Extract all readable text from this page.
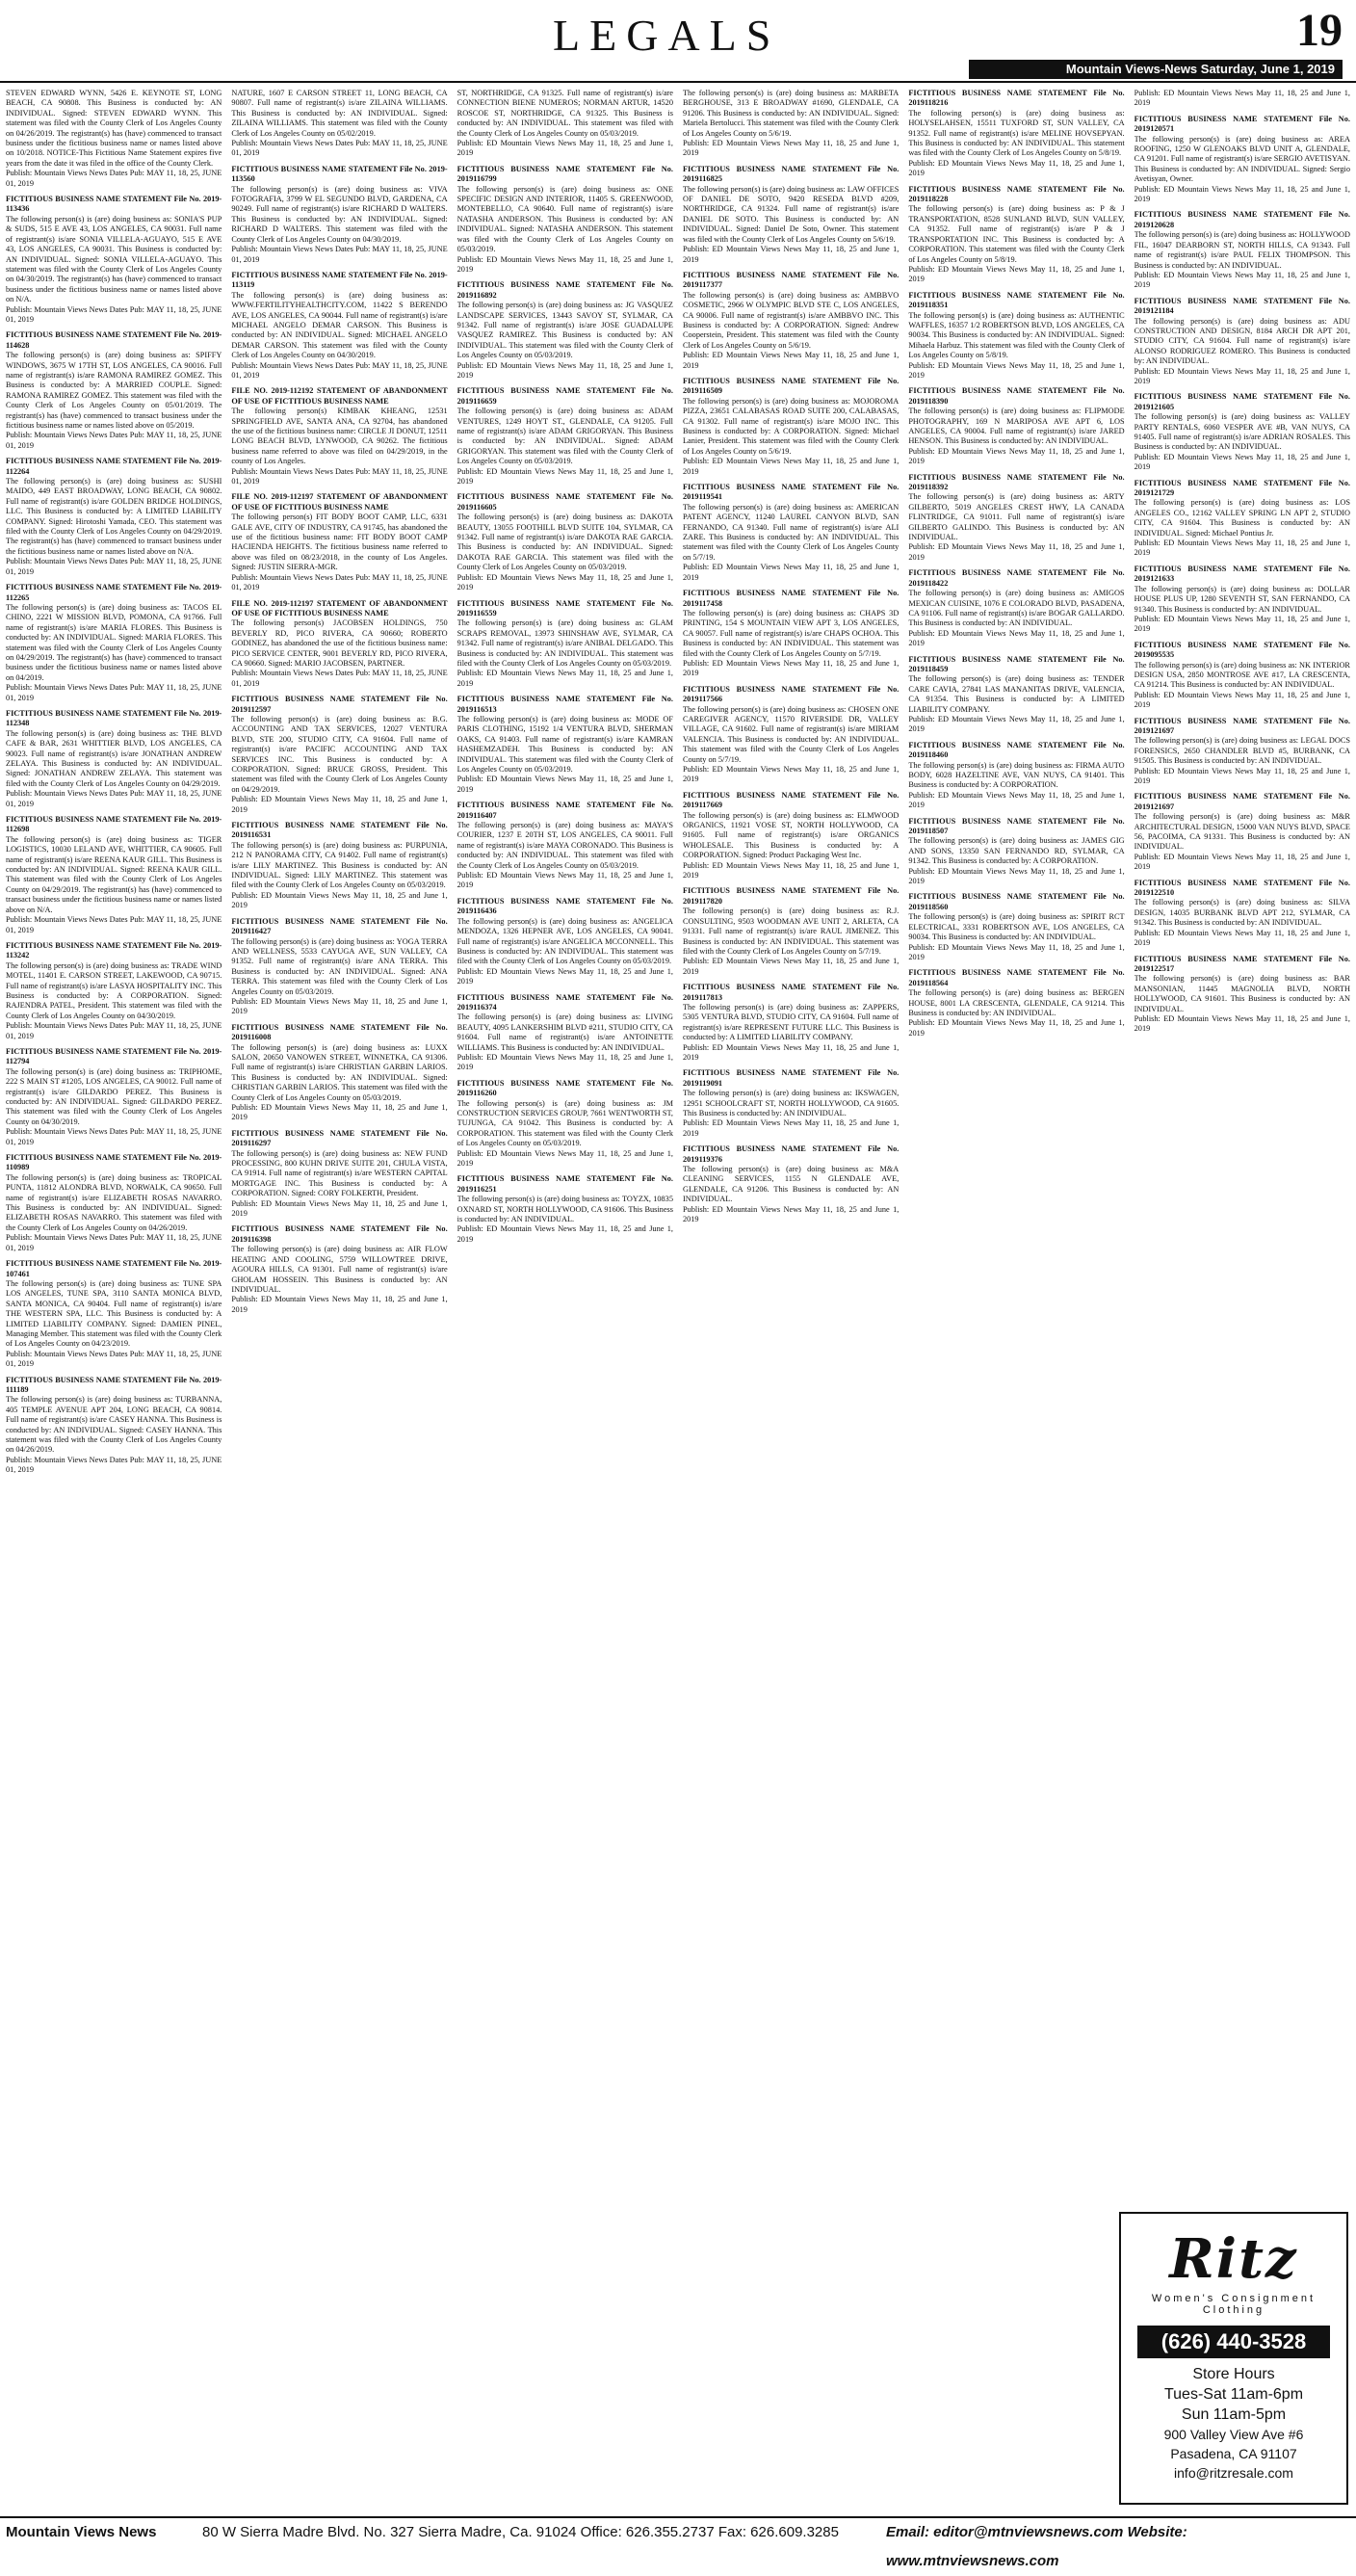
LEGALS	19
Mountain Views-News Saturday, June 1, 2019
STEVEN EDWARD WYNN, 5426 E. KEYNOTE ST, LONG BEACH, CA 90808. This Business is conducted by: AN INDIVIDUAL. Signed: STEVEN EDWARD WYNN. This statement was filed with the County Clerk of Los Angeles County on 04/26/2019. The registrant(s) has (have) commenced to transact business under the fictitious business name or names listed above on 10/2018. NOTICE-This Fictitious Name Statement expires five years from the date it was filed in the office of the County Clerk.
Publish: Mountain Views News Dates Pub: MAY 11, 18, 25, JUNE 01, 2019
FICTITIOUS BUSINESS NAME STATEMENT File No. 2019-113436
The following person(s) is (are) doing business as: SONIA'S PUP & SUDS, 515 E AVE 43, LOS ANGELES, CA 90031. Full name of registrant(s) is/are SONIA VILLELA-AGUAYO, 515 E AVE 43, LOS ANGELES, CA 90031. This Business is conducted by: AN INDIVIDUAL. Signed: SONIA VILLELA-AGUAYO. This statement was filed with the County Clerk of Los Angeles County on 04/30/2019. The registrant(s) has (have) commenced to transact business under the fictitious business name or names listed above on N/A.
Publish: Mountain Views News Dates Pub: MAY 11, 18, 25, JUNE 01, 2019
FICTITIOUS BUSINESS NAME STATEMENT File No. 2019-114628
The following person(s) is (are) doing business as: SPIFFY WINDOWS, 3675 W 17TH ST, LOS ANGELES, CA 90016. Full name of registrant(s) is/are RAMONA RAMIREZ GOMEZ. This Business is conducted by: A MARRIED COUPLE. Signed: RAMONA RAMIREZ GOMEZ. This statement was filed with the County Clerk of Los Angeles County on 05/01/2019. The registrant(s) has (have) commenced to transact business under the fictitious business name or names listed above on 05/2019.
Publish: Mountain Views News Dates Pub: MAY 11, 18, 25, JUNE 01, 2019
FICTITIOUS BUSINESS NAME STATEMENT File No. 2019-112264
The following person(s) is (are) doing business as: SUSHI MAIDO, 449 EAST BROADWAY, LONG BEACH, CA 90802. Full name of registrant(s) is/are GOLDEN BRIDGE HOLDINGS, LLC. This Business is conducted by: A LIMITED LIABILITY COMPANY. Signed: Hirotoshi Yamada, CEO. This statement was filed with the County Clerk of Los Angeles County on 04/29/2019. The registrant(s) has (have) commenced to transact business under the fictitious business name or names listed above on N/A.
Publish: Mountain Views News Dates Pub: MAY 11, 18, 25, JUNE 01, 2019
FICTITIOUS BUSINESS NAME STATEMENT File No. 2019-112265
The following person(s) is (are) doing business as: TACOS EL CHINO, 2221 W MISSION BLVD, POMONA, CA 91766. Full name of registrant(s) is/are MARIA FLORES. This Business is conducted by: AN INDIVIDUAL. Signed: MARIA FLORES. This statement was filed with the County Clerk of Los Angeles County on 04/29/2019. The registrant(s) has (have) commenced to transact business under the fictitious business name or names listed above on 04/2019.
Publish: Mountain Views News Dates Pub: MAY 11, 18, 25, JUNE 01, 2019
FICTITIOUS BUSINESS NAME STATEMENT File No. 2019-112348
The following person(s) is (are) doing business as: THE BLVD CAFE & BAR, 2631 WHITTIER BLVD, LOS ANGELES, CA 90023. Full name of registrant(s) is/are JONATHAN ANDREW ZELAYA. This Business is conducted by: AN INDIVIDUAL. Signed: JONATHAN ANDREW ZELAYA. This statement was filed with the County Clerk of Los Angeles County on 04/29/2019.
Publish: Mountain Views News Dates Pub: MAY 11, 18, 25, JUNE 01, 2019
FICTITIOUS BUSINESS NAME STATEMENT File No. 2019-112698
The following person(s) is (are) doing business as: TIGER LOGISTICS, 10030 LELAND AVE, WHITTIER, CA 90605. Full name of registrant(s) is/are REENA KAUR GILL. This Business is conducted by: AN INDIVIDUAL. Signed: REENA KAUR GILL. This statement was filed with the County Clerk of Los Angeles County on 04/29/2019. The registrant(s) has (have) commenced to transact business under the fictitious business name or names listed above on N/A.
Publish: Mountain Views News Dates Pub: MAY 11, 18, 25, JUNE 01, 2019
FICTITIOUS BUSINESS NAME STATEMENT File No. 2019-113242
The following person(s) is (are) doing business as: TRADE WIND MOTEL, 11401 E. CARSON STREET, LAKEWOOD, CA 90715. Full name of registrant(s) is/are LASYA HOSPITALITY INC. This Business is conducted by: A CORPORATION. Signed: RAJENDRA PATEL, President. This statement was filed with the County Clerk of Los Angeles County on 04/30/2019.
Publish: Mountain Views News Dates Pub: MAY 11, 18, 25, JUNE 01, 2019
FICTITIOUS BUSINESS NAME STATEMENT File No. 2019-112794
The following person(s) is (are) doing business as: TRIPHOME, 222 S MAIN ST #1205, LOS ANGELES, CA 90012. Full name of registrant(s) is/are GILDARDO PEREZ. This Business is conducted by: AN INDIVIDUAL. Signed: GILDARDO PEREZ. This statement was filed with the County Clerk of Los Angeles County on 04/30/2019.
Publish: Mountain Views News Dates Pub: MAY 11, 18, 25, JUNE 01, 2019
FICTITIOUS BUSINESS NAME STATEMENT File No. 2019-110989
The following person(s) is (are) doing business as: TROPICAL PUNTA, 11812 ALONDRA BLVD, NORWALK, CA 90650. Full name of registrant(s) is/are ELIZABETH ROSAS NAVARRO. This Business is conducted by: AN INDIVIDUAL. Signed: ELIZABETH ROSAS NAVARRO. This statement was filed with the County Clerk of Los Angeles County on 04/26/2019.
Publish: Mountain Views News Dates Pub: MAY 11, 18, 25, JUNE 01, 2019
FICTITIOUS BUSINESS NAME STATEMENT File No. 2019-107461
The following person(s) is (are) doing business as: TUNE SPA LOS ANGELES, TUNE SPA, 3110 SANTA MONICA BLVD, SANTA MONICA, CA 90404. Full name of registrant(s) is/are THE WESTERN SPA, LLC. This Business is conducted by: A LIMITED LIABILITY COMPANY. Signed: DAMIEN PINEL, Managing Member. This statement was filed with the County Clerk of Los Angeles County on 04/23/2019.
Publish: Mountain Views News Dates Pub: MAY 11, 18, 25, JUNE 01, 2019
FICTITIOUS BUSINESS NAME STATEMENT File No. 2019-111189
The following person(s) is (are) doing business as: TURBANNA, 405 TEMPLE AVENUE APT 204, LONG BEACH, CA 90814. Full name of registrant(s) is/are CASEY HANNA. This Business is conducted by: AN INDIVIDUAL. Signed: CASEY HANNA. This statement was filed with the County Clerk of Los Angeles County on 04/26/2019.
Publish: Mountain Views News Dates Pub: MAY 11, 18, 25, JUNE 01, 2019
NATURE, 1607 E CARSON STREET 11, LONG BEACH, CA 90807. Full name of registrant(s) is/are ZILAINA WILLIAMS. This Business is conducted by: AN INDIVIDUAL. Signed: ZILAINA WILLIAMS. This statement was filed with the County Clerk of Los Angeles County on 05/02/2019.
Publish: Mountain Views News Dates Pub: MAY 11, 18, 25, JUNE 01, 2019
FICTITIOUS BUSINESS NAME STATEMENT File No. 2019-113560
The following person(s) is (are) doing business as: VIVA FOTOGRAFIA, 3799 W EL SEGUNDO BLVD, GARDENA, CA 90249. Full name of registrant(s) is/are RICHARD D WALTERS. This Business is conducted by: AN INDIVIDUAL. Signed: RICHARD D WALTERS. This statement was filed with the County Clerk of Los Angeles County on 04/30/2019.
Publish: Mountain Views News Dates Pub: MAY 11, 18, 25, JUNE 01, 2019
FICTITIOUS BUSINESS NAME STATEMENT File No. 2019-113119
The following person(s) is (are) doing business as: WWW.FERTILITYHEALTHCITY.COM, 11422 S BERENDO AVE, LOS ANGELES, CA 90044. Full name of registrant(s) is/are MICHAEL ANGELO DEMAR CARSON. This Business is conducted by: AN INDIVIDUAL. Signed: MICHAEL ANGELO DEMAR CARSON. This statement was filed with the County Clerk of Los Angeles County on 04/30/2019.
Publish: Mountain Views News Dates Pub: MAY 11, 18, 25, JUNE 01, 2019
FILE NO. 2019-112192 STATEMENT OF ABANDONMENT OF USE OF FICTITIOUS BUSINESS NAME
The following person(s) KIMBAK KHEANG, 12531 SPRINGFIELD AVE, SANTA ANA, CA 92704, has abandoned the use of the fictitious business name: CIRCLE JI DONUT, 12511 LONG BEACH BLVD, LYNWOOD, CA 90262. The fictitious business name referred to above was filed on 04/29/2019, in the county of Los Angeles.
Publish: Mountain Views News Dates Pub: MAY 11, 18, 25, JUNE 01, 2019
FILE NO. 2019-112197 STATEMENT OF ABANDONMENT OF USE OF FICTITIOUS BUSINESS NAME
The following person(s) FIT BODY BOOT CAMP, LLC, 6331 GALE AVE, CITY OF INDUSTRY, CA 91745, has abandoned the use of the fictitious business name: FIT BODY BOOT CAMP HACIENDA HEIGHTS. The fictitious business name referred to above was filed on 08/23/2018, in the county of Los Angeles. Signed: JUSTIN SIERRA-MGR.
Publish: Mountain Views News Dates Pub: MAY 11, 18, 25, JUNE 01, 2019
FILE NO. 2019-112197 STATEMENT OF ABANDONMENT OF USE OF FICTITIOUS BUSINESS NAME
The following person(s) JACOBSEN HOLDINGS, 750 BEVERLY RD, PICO RIVERA, CA 90660; ROBERTO GODINEZ, has abandoned the use of the fictitious business name: PICO SERVICE CENTER, 9001 BEVERLY RD, PICO RIVERA, CA 90660. Signed: MARIO JACOBSEN, PARTNER.
Publish: Mountain Views News Dates Pub: MAY 11, 18, 25, JUNE 01, 2019
FICTITIOUS BUSINESS NAME STATEMENT File No. 2019112597
The following person(s) is (are) doing business as: B.G. ACCOUNTING AND TAX SERVICES, 12027 VENTURA BLVD, STE 200, STUDIO CITY, CA 91604. Full name of registrant(s) is/are PACIFIC ACCOUNTING AND TAX SERVICES INC. This Business is conducted by: A CORPORATION. Signed: BRUCE GROSS, President. This statement was filed with the County Clerk of Los Angeles County on 04/29/2019.
Publish: ED Mountain Views News May 11, 18, 25 and June 1, 2019
FICTITIOUS BUSINESS NAME STATEMENT File No. 2019116531
The following person(s) is (are) doing business as: PURPUNIA, 212 N PANORAMA CITY, CA 91402. Full name of registrant(s) is/are LILY MARTINEZ. This Business is conducted by: AN INDIVIDUAL. Signed: LILY MARTINEZ. This statement was filed with the County Clerk of Los Angeles County on 05/03/2019.
Publish: ED Mountain Views News May 11, 18, 25 and June 1, 2019
FICTITIOUS BUSINESS NAME STATEMENT File No. 2019116427
The following person(s) is (are) doing business as: YOGA TERRA AND WELLNESS, 5533 CAYUGA AVE, SUN VALLEY, CA 91352. Full name of registrant(s) is/are ANA TERRA. This Business is conducted by: AN INDIVIDUAL. Signed: ANA TERRA. This statement was filed with the County Clerk of Los Angeles County on 05/03/2019.
Publish: ED Mountain Views News May 11, 18, 25 and June 1, 2019
FICTITIOUS BUSINESS NAME STATEMENT File No. 2019116008
The following person(s) is (are) doing business as: LUXX SALON, 20650 VANOWEN STREET, WINNETKA, CA 91306. Full name of registrant(s) is/are CHRISTIAN GARBIN LARIOS. This Business is conducted by: AN INDIVIDUAL. Signed: CHRISTIAN GARBIN LARIOS. This statement was filed with the County Clerk of Los Angeles County on 05/03/2019.
Publish: ED Mountain Views News May 11, 18, 25 and June 1, 2019
FICTITIOUS BUSINESS NAME STATEMENT File No. 2019116297
The following person(s) is (are) doing business as: NEW FUND PROCESSING, 800 KUHN DRIVE SUITE 201, CHULA VISTA, CA 91914. Full name of registrant(s) is/are WESTERN CAPITAL MORTGAGE INC. This Business is conducted by: A CORPORATION. Signed: CORY FOLKERTH, President.
Publish: ED Mountain Views News May 11, 18, 25 and June 1, 2019
FICTITIOUS BUSINESS NAME STATEMENT File No. 2019116398
The following person(s) is (are) doing business as: AIR FLOW HEATING AND COOLING, 5759 WILLOWTREE DRIVE, AGOURA HILLS, CA 91301. Full name of registrant(s) is/are GHOLAM HOSSEIN. This Business is conducted by: AN INDIVIDUAL.
Publish: ED Mountain Views News May 11, 18, 25 and June 1, 2019
ST, NORTHRIDGE, CA 91325. Full name of registrant(s) is/are CONNECTION BIENE NUMEROS; NORMAN ARTUR, 14520 ROSCOE ST, NORTHRIDGE, CA 91325. This Business is conducted by: AN INDIVIDUAL. This statement was filed with the County Clerk of Los Angeles County on 05/03/2019.
Publish: ED Mountain Views News May 11, 18, 25 and June 1, 2019
FICTITIOUS BUSINESS NAME STATEMENT File No. 2019116799
The following person(s) is (are) doing business as: ONE SPECIFIC DESIGN AND INTERIOR, 11405 S. GREENWOOD, MONTEBELLO, CA 90640. Full name of registrant(s) is/are NATASHA ANDERSON. This Business is conducted by: AN INDIVIDUAL. Signed: NATASHA ANDERSON. This statement was filed with the County Clerk of Los Angeles County on 05/03/2019.
Publish: ED Mountain Views News May 11, 18, 25 and June 1, 2019
FICTITIOUS BUSINESS NAME STATEMENT File No. 2019116892
The following person(s) is (are) doing business as: JG VASQUEZ LANDSCAPE SERVICES, 13443 SAVOY ST, SYLMAR, CA 91342. Full name of registrant(s) is/are JOSE GUADALUPE VASQUEZ RAMIREZ. This Business is conducted by: AN INDIVIDUAL. This statement was filed with the County Clerk of Los Angeles County on 05/03/2019.
Publish: ED Mountain Views News May 11, 18, 25 and June 1, 2019
FICTITIOUS BUSINESS NAME STATEMENT File No. 2019116659
The following person(s) is (are) doing business as: ADAM VENTURES, 1249 HOYT ST., GLENDALE, CA 91205. Full name of registrant(s) is/are ADAM GRIGORYAN. This Business is conducted by: AN INDIVIDUAL. Signed: ADAM GRIGORYAN. This statement was filed with the County Clerk of Los Angeles County on 05/03/2019.
Publish: ED Mountain Views News May 11, 18, 25 and June 1, 2019
FICTITIOUS BUSINESS NAME STATEMENT File No. 2019116605
The following person(s) is (are) doing business as: DAKOTA BEAUTY, 13055 FOOTHILL BLVD SUITE 104, SYLMAR, CA 91342. Full name of registrant(s) is/are DAKOTA RAE GARCIA. This Business is conducted by: AN INDIVIDUAL. Signed: DAKOTA RAE GARCIA. This statement was filed with the County Clerk of Los Angeles County on 05/03/2019.
Publish: ED Mountain Views News May 11, 18, 25 and June 1, 2019
FICTITIOUS BUSINESS NAME STATEMENT File No. 2019116559
The following person(s) is (are) doing business as: GLAM SCRAPS REMOVAL, 13973 SHINSHAW AVE, SYLMAR, CA 91342. Full name of registrant(s) is/are ANIBAL DELGADO. This Business is conducted by: AN INDIVIDUAL. This statement was filed with the County Clerk of Los Angeles County on 05/03/2019.
Publish: ED Mountain Views News May 11, 18, 25 and June 1, 2019
FICTITIOUS BUSINESS NAME STATEMENT File No. 2019116513
The following person(s) is (are) doing business as: MODE OF PARIS CLOTHING, 15192 1/4 VENTURA BLVD, SHERMAN OAKS, CA 91403. Full name of registrant(s) is/are KAMRAN HASHEMZADEH. This Business is conducted by: AN INDIVIDUAL. This statement was filed with the County Clerk of Los Angeles County on 05/03/2019.
Publish: ED Mountain Views News May 11, 18, 25 and June 1, 2019
FICTITIOUS BUSINESS NAME STATEMENT File No. 2019116407
The following person(s) is (are) doing business as: MAYA'S COURIER, 1237 E 20TH ST, LOS ANGELES, CA 90011. Full name of registrant(s) is/are MAYA CORONADO. This Business is conducted by: AN INDIVIDUAL. This statement was filed with the County Clerk of Los Angeles County on 05/03/2019.
Publish: ED Mountain Views News May 11, 18, 25 and June 1, 2019
FICTITIOUS BUSINESS NAME STATEMENT File No. 2019116436
The following person(s) is (are) doing business as: ANGELICA MENDOZA, 1326 HEPNER AVE, LOS ANGELES, CA 90041. Full name of registrant(s) is/are ANGELICA MCCONNELL. This Business is conducted by: AN INDIVIDUAL. This statement was filed with the County Clerk of Los Angeles County on 05/03/2019.
Publish: ED Mountain Views News May 11, 18, 25 and June 1, 2019
FICTITIOUS BUSINESS NAME STATEMENT File No. 2019116374
The following person(s) is (are) doing business as: LIVING BEAUTY, 4095 LANKERSHIM BLVD #211, STUDIO CITY, CA 91604. Full name of registrant(s) is/are ANTOINETTE WILLIAMS. This Business is conducted by: AN INDIVIDUAL.
Publish: ED Mountain Views News May 11, 18, 25 and June 1, 2019
FICTITIOUS BUSINESS NAME STATEMENT File No. 2019116260
The following person(s) is (are) doing business as: JM CONSTRUCTION SERVICES GROUP, 7661 WENTWORTH ST, TUJUNGA, CA 91042. This Business is conducted by: A CORPORATION. This statement was filed with the County Clerk of Los Angeles County on 05/03/2019.
Publish: ED Mountain Views News May 11, 18, 25 and June 1, 2019
FICTITIOUS BUSINESS NAME STATEMENT File No. 2019116251
The following person(s) is (are) doing business as: TOYZX, 10835 OXNARD ST, NORTH HOLLYWOOD, CA 91606. This Business is conducted by: AN INDIVIDUAL.
Publish: ED Mountain Views News May 11, 18, 25 and June 1, 2019
The following person(s) is (are) doing business as: MARBETA BERGHOUSE, 313 E BROADWAY #1690, GLENDALE, CA 91206. This Business is conducted by: AN INDIVIDUAL. Signed: Mariela Bertolucci. This statement was filed with the County Clerk of Los Angeles County on 5/6/19.
Publish: ED Mountain Views News May 11, 18, 25 and June 1, 2019
FICTITIOUS BUSINESS NAME STATEMENT File No. 2019116825
The following person(s) is (are) doing business as: LAW OFFICES OF DANIEL DE SOTO, 9420 RESEDA BLVD #209, NORTHRIDGE, CA 91324. Full name of registrant(s) is/are DANIEL DE SOTO. This Business is conducted by: AN INDIVIDUAL. Signed: Daniel De Soto, Owner. This statement was filed with the County Clerk of Los Angeles County on 5/6/19.
Publish: ED Mountain Views News May 11, 18, 25 and June 1, 2019
FICTITIOUS BUSINESS NAME STATEMENT File No. 2019117377
The following person(s) is (are) doing business as: AMBBVO COSMETIC, 2966 W OLYMPIC BLVD STE C, LOS ANGELES, CA 90006. Full name of registrant(s) is/are AMBBVO INC. This Business is conducted by: A CORPORATION. Signed: Andrew Cooperstein, President. This statement was filed with the County Clerk of Los Angeles County on 5/6/19.
Publish: ED Mountain Views News May 11, 18, 25 and June 1, 2019
FICTITIOUS BUSINESS NAME STATEMENT File No. 2019116509
The following person(s) is (are) doing business as: MOJOROMA PIZZA, 23651 CALABASAS ROAD SUITE 200, CALABASAS, CA 91302. Full name of registrant(s) is/are MOJO INC. This Business is conducted by: A CORPORATION. Signed: Michael Lanier, President. This statement was filed with the County Clerk of Los Angeles County on 5/6/19.
Publish: ED Mountain Views News May 11, 18, 25 and June 1, 2019
FICTITIOUS BUSINESS NAME STATEMENT File No. 2019119541
The following person(s) is (are) doing business as: AMERICAN PATENT AGENCY, 11240 LAUREL CANYON BLVD, SAN FERNANDO, CA 91340. Full name of registrant(s) is/are ALI ZARE. This Business is conducted by: AN INDIVIDUAL. This statement was filed with the County Clerk of Los Angeles County on 5/7/19.
Publish: ED Mountain Views News May 11, 18, 25 and June 1, 2019
FICTITIOUS BUSINESS NAME STATEMENT File No. 2019117458
The following person(s) is (are) doing business as: CHAPS 3D PRINTING, 154 S MOUNTAIN VIEW APT 3, LOS ANGELES, CA 90057. Full name of registrant(s) is/are CHAPS OCHOA. This Business is conducted by: AN INDIVIDUAL. This statement was filed with the County Clerk of Los Angeles County on 5/7/19.
Publish: ED Mountain Views News May 11, 18, 25 and June 1, 2019
FICTITIOUS BUSINESS NAME STATEMENT File No. 2019117566
The following person(s) is (are) doing business as: CHOSEN ONE CAREGIVER AGENCY, 11570 RIVERSIDE DR, VALLEY VILLAGE, CA 91602. Full name of registrant(s) is/are MIRIAM VALENCIA. This Business is conducted by: AN INDIVIDUAL. This statement was filed with the County Clerk of Los Angeles County on 5/7/19.
Publish: ED Mountain Views News May 11, 18, 25 and June 1, 2019
FICTITIOUS BUSINESS NAME STATEMENT File No. 2019117669
The following person(s) is (are) doing business as: ELMWOOD ORGANICS, 11921 VOSE ST, NORTH HOLLYWOOD, CA 91605. Full name of registrant(s) is/are ORGANICS WHOLESALE. This Business is conducted by: A CORPORATION. Signed: Product Packaging West Inc.
Publish: ED Mountain Views News May 11, 18, 25 and June 1, 2019
FICTITIOUS BUSINESS NAME STATEMENT File No. 2019117820
The following person(s) is (are) doing business as: R.J. CONSULTING, 9503 WOODMAN AVE UNIT 2, ARLETA, CA 91331. Full name of registrant(s) is/are RAUL JIMENEZ. This Business is conducted by: AN INDIVIDUAL. This statement was filed with the County Clerk of Los Angeles County on 5/7/19.
Publish: ED Mountain Views News May 11, 18, 25 and June 1, 2019
FICTITIOUS BUSINESS NAME STATEMENT File No. 2019117813
The following person(s) is (are) doing business as: ZAPPERS, 5305 VENTURA BLVD, STUDIO CITY, CA 91604. Full name of registrant(s) is/are REPRESENT FUTURE LLC. This Business is conducted by: A LIMITED LIABILITY COMPANY.
Publish: ED Mountain Views News May 11, 18, 25 and June 1, 2019
FICTITIOUS BUSINESS NAME STATEMENT File No. 2019119091
The following person(s) is (are) doing business as: IKSWAGEN, 12951 SCHOOLCRAFT ST, NORTH HOLLYWOOD, CA 91605. This Business is conducted by: AN INDIVIDUAL.
Publish: ED Mountain Views News May 11, 18, 25 and June 1, 2019
FICTITIOUS BUSINESS NAME STATEMENT File No. 2019119376
The following person(s) is (are) doing business as: M&A CLEANING SERVICES, 1155 N GLENDALE AVE, GLENDALE, CA 91206. This Business is conducted by: AN INDIVIDUAL.
Publish: ED Mountain Views News May 11, 18, 25 and June 1, 2019
FICTITIOUS BUSINESS NAME STATEMENT File No. 2019118216
The following person(s) is (are) doing business as: HOLYSELAHSEN, 15511 TUXFORD ST, SUN VALLEY, CA 91352. Full name of registrant(s) is/are MELINE HOVSEPYAN. This Business is conducted by: AN INDIVIDUAL. This statement was filed with the County Clerk of Los Angeles County on 5/8/19.
Publish: ED Mountain Views News May 11, 18, 25 and June 1, 2019
FICTITIOUS BUSINESS NAME STATEMENT File No. 2019118228
The following person(s) is (are) doing business as: P & J TRANSPORTATION, 8528 SUNLAND BLVD, SUN VALLEY, CA 91352. Full name of registrant(s) is/are P & J TRANSPORTATION INC. This Business is conducted by: A CORPORATION. This statement was filed with the County Clerk of Los Angeles County on 5/8/19.
Publish: ED Mountain Views News May 11, 18, 25 and June 1, 2019
FICTITIOUS BUSINESS NAME STATEMENT File No. 2019118351
The following person(s) is (are) doing business as: AUTHENTIC WAFFLES, 16357 1/2 ROBERTSON BLVD, LOS ANGELES, CA 90034. This Business is conducted by: AN INDIVIDUAL. Signed: Mihaela Harbuz. This statement was filed with the County Clerk of Los Angeles County on 5/8/19.
Publish: ED Mountain Views News May 11, 18, 25 and June 1, 2019
FICTITIOUS BUSINESS NAME STATEMENT File No. 2019118390
The following person(s) is (are) doing business as: FLIPMODE PHOTOGRAPHY, 169 N MARIPOSA AVE APT 6, LOS ANGELES, CA 90004. Full name of registrant(s) is/are JARED HENSON. This Business is conducted by: AN INDIVIDUAL.
Publish: ED Mountain Views News May 11, 18, 25 and June 1, 2019
FICTITIOUS BUSINESS NAME STATEMENT File No. 2019118392
The following person(s) is (are) doing business as: ARTY GILBERTO, 5019 ANGELES CREST HWY, LA CANADA FLINTRIDGE, CA 91011. Full name of registrant(s) is/are GILBERTO GALINDO. This Business is conducted by: AN INDIVIDUAL.
Publish: ED Mountain Views News May 11, 18, 25 and June 1, 2019
FICTITIOUS BUSINESS NAME STATEMENT File No. 2019118422
The following person(s) is (are) doing business as: AMIGOS MEXICAN CUISINE, 1076 E COLORADO BLVD, PASADENA, CA 91106. Full name of registrant(s) is/are BOGAR GALLARDO. This Business is conducted by: AN INDIVIDUAL.
Publish: ED Mountain Views News May 11, 18, 25 and June 1, 2019
FICTITIOUS BUSINESS NAME STATEMENT File No. 2019118459
The following person(s) is (are) doing business as: TENDER CARE CAVIA, 27841 LAS MANANITAS DRIVE, VALENCIA, CA 91354. This Business is conducted by: A LIMITED LIABILITY COMPANY.
Publish: ED Mountain Views News May 11, 18, 25 and June 1, 2019
FICTITIOUS BUSINESS NAME STATEMENT File No. 2019118460
The following person(s) is (are) doing business as: FIRMA AUTO BODY, 6028 HAZELTINE AVE, VAN NUYS, CA 91401. This Business is conducted by: A CORPORATION.
Publish: ED Mountain Views News May 11, 18, 25 and June 1, 2019
FICTITIOUS BUSINESS NAME STATEMENT File No. 2019118507
The following person(s) is (are) doing business as: JAMES GIG AND SONS, 13350 SAN FERNANDO RD, SYLMAR, CA 91342. This Business is conducted by: A CORPORATION.
Publish: ED Mountain Views News May 11, 18, 25 and June 1, 2019
FICTITIOUS BUSINESS NAME STATEMENT File No. 2019118560
The following person(s) is (are) doing business as: SPIRIT RCT ELECTRICAL, 3331 ROBERTSON AVE, LOS ANGELES, CA 90034. This Business is conducted by: AN INDIVIDUAL.
Publish: ED Mountain Views News May 11, 18, 25 and June 1, 2019
FICTITIOUS BUSINESS NAME STATEMENT File No. 2019118564
The following person(s) is (are) doing business as: BERGEN HOUSE, 8001 LA CRESCENTA, GLENDALE, CA 91214. This Business is conducted by: AN INDIVIDUAL.
Publish: ED Mountain Views News May 11, 18, 25 and June 1, 2019
Publish: ED Mountain Views News May 11, 18, 25 and June 1, 2019
FICTITIOUS BUSINESS NAME STATEMENT File No. 2019120571
The following person(s) is (are) doing business as: AREA ROOFING, 1250 W GLENOAKS BLVD UNIT A, GLENDALE, CA 91201. Full name of registrant(s) is/are SERGIO AVETISYAN. This Business is conducted by: AN INDIVIDUAL. Signed: Sergio Avetisyan, Owner.
Publish: ED Mountain Views News May 11, 18, 25 and June 1, 2019
FICTITIOUS BUSINESS NAME STATEMENT File No. 2019120628
The following person(s) is (are) doing business as: HOLLYWOOD FIL, 16047 DEARBORN ST, NORTH HILLS, CA 91343. Full name of registrant(s) is/are PAUL FELIX THOMPSON. This Business is conducted by: AN INDIVIDUAL.
Publish: ED Mountain Views News May 11, 18, 25 and June 1, 2019
FICTITIOUS BUSINESS NAME STATEMENT File No. 2019121184
The following person(s) is (are) doing business as: ADU CONSTRUCTION AND DESIGN, 8184 ARCH DR APT 201, STUDIO CITY, CA 91604. Full name of registrant(s) is/are ALONSO RODRIGUEZ ROMERO. This Business is conducted by: AN INDIVIDUAL.
Publish: ED Mountain Views News May 11, 18, 25 and June 1, 2019
FICTITIOUS BUSINESS NAME STATEMENT File No. 2019121605
The following person(s) is (are) doing business as: VALLEY PARTY RENTALS, 6060 VESPER AVE #B, VAN NUYS, CA 91405. Full name of registrant(s) is/are ADRIAN ROSALES. This Business is conducted by: AN INDIVIDUAL.
Publish: ED Mountain Views News May 11, 18, 25 and June 1, 2019
FICTITIOUS BUSINESS NAME STATEMENT File No. 2019121729
The following person(s) is (are) doing business as: LOS ANGELES CO., 12162 VALLEY SPRING LN APT 2, STUDIO CITY, CA 91604. This Business is conducted by: AN INDIVIDUAL. Signed: Michael Pontius Jr.
Publish: ED Mountain Views News May 11, 18, 25 and June 1, 2019
FICTITIOUS BUSINESS NAME STATEMENT File No. 2019121633
The following person(s) is (are) doing business as: DOLLAR HOUSE PLUS UP, 1280 SEVENTH ST, SAN FERNANDO, CA 91340. This Business is conducted by: AN INDIVIDUAL.
Publish: ED Mountain Views News May 11, 18, 25 and June 1, 2019
FICTITIOUS BUSINESS NAME STATEMENT File No. 2019095535
The following person(s) is (are) doing business as: NK INTERIOR DESIGN USA, 2850 MONTROSE AVE #17, LA CRESCENTA, CA 91214. This Business is conducted by: AN INDIVIDUAL.
Publish: ED Mountain Views News May 11, 18, 25 and June 1, 2019
FICTITIOUS BUSINESS NAME STATEMENT File No. 2019121697
The following person(s) is (are) doing business as: LEGAL DOCS FORENSICS, 2650 CHANDLER BLVD #5, BURBANK, CA 91505. This Business is conducted by: AN INDIVIDUAL.
Publish: ED Mountain Views News May 11, 18, 25 and June 1, 2019
FICTITIOUS BUSINESS NAME STATEMENT File No. 2019121697
The following person(s) is (are) doing business as: M&R ARCHITECTURAL DESIGN, 15000 VAN NUYS BLVD, SPACE 56, PACOIMA, CA 91331. This Business is conducted by: AN INDIVIDUAL.
Publish: ED Mountain Views News May 11, 18, 25 and June 1, 2019
FICTITIOUS BUSINESS NAME STATEMENT File No. 2019122510
The following person(s) is (are) doing business as: SILVA DESIGN, 14035 BURBANK BLVD APT 212, SYLMAR, CA 91342. This Business is conducted by: AN INDIVIDUAL.
Publish: ED Mountain Views News May 11, 18, 25 and June 1, 2019
FICTITIOUS BUSINESS NAME STATEMENT File No. 2019122517
The following person(s) is (are) doing business as: BAR MANSONIAN, 11445 MAGNOLIA BLVD, NORTH HOLLYWOOD, CA 91601. This Business is conducted by: AN INDIVIDUAL.
Publish: ED Mountain Views News May 11, 18, 25 and June 1, 2019
Ritz
Women's Consignment Clothing
(626) 440-3528
Store Hours
Tues-Sat 11am-6pm
Sun 11am-5pm
900 Valley View Ave #6
Pasadena, CA 91107
info@ritzresale.com
Mountain Views News	80 W Sierra Madre Blvd. No. 327 Sierra Madre, Ca. 91024 Office: 626.355.2737 Fax: 626.609.3285	Email: editor@mtnviewsnews.com Website: www.mtnviewsnews.com
